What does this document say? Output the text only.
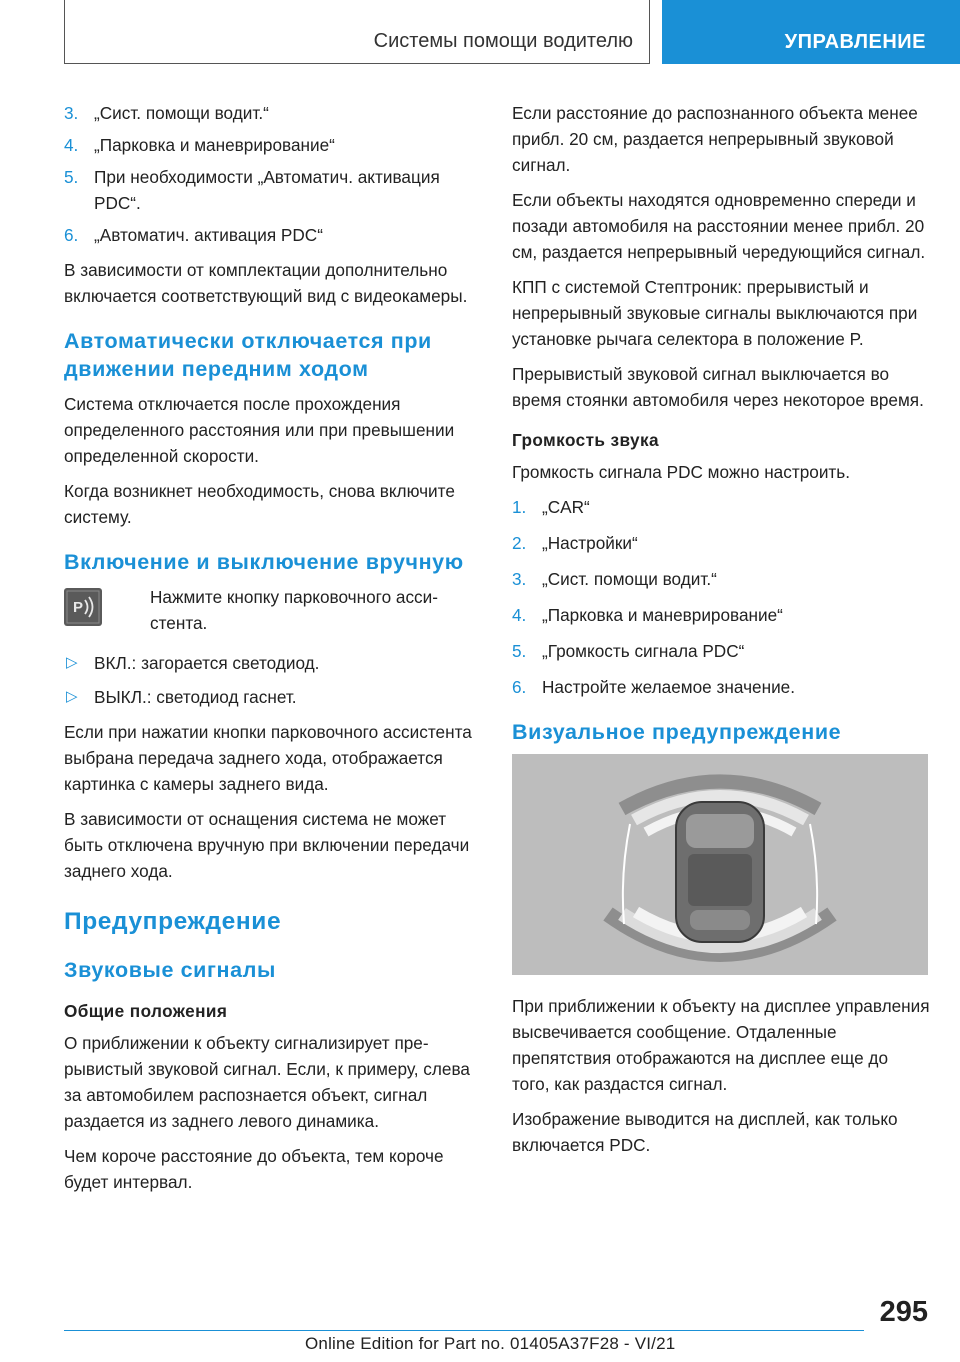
Системы помощи водителю	УПРАВЛЕНИЕ
3. „Сист. помощи водит.“
4. „Парковка и маневрирование“
5. При необходимости „Автоматич. активация PDC“.
6. „Автоматич. активация PDC“

В зависимости от комплектации дополнительно включается соответствующий вид с видеокамеры.

Автоматически отключается при движении передним ходом

Система отключается после прохождения определенного расстояния или при превышении определенной скорости.

Когда возникнет необходимость, снова включите систему.

Включение и выключение вручную
P

Нажмите кнопку парковочного ассистента.

▷ ВКЛ.: загорается светодиод.
▷ ВЫКЛ.: светодиод гаснет.

Если при нажатии кнопки парковочного ассистента выбрана передача заднего хода, отображается картинка с камеры заднего вида.

В зависимости от оснащения система не может быть отключена вручную при включении передачи заднего хода.

Предупреждение
Звуковые сигналы
Общие положения

О приближении к объекту сигнализирует прерывистый звуковой сигнал. Если, к примеру, слева за автомобилем распознается объект, сигнал раздается из заднего левого динамика.

Чем короче расстояние до объекта, тем короче будет интервал.

Если расстояние до распознанного объекта менее прибл. 20 см, раздается непрерывный звуковой сигнал.

Если объекты находятся одновременно спереди и позади автомобиля на расстоянии менее прибл. 20 см, раздается непрерывный чередующийся сигнал.

КПП с системой Стептроник: прерывистый и непрерывный звуковые сигналы выключаются при установке рычага селектора в положение P.

Прерывистый звуковой сигнал выключается во время стоянки автомобиля через некоторое время.

Громкость звука

Громкость сигнала PDC можно настроить.

1. „CAR“
2. „Настройки“
3. „Сист. помощи водит.“
4. „Парковка и маневрирование“
5. „Громкость сигнала PDC“
6. Настройте желаемое значение.
Визуальное предупреждение

При приближении к объекту на дисплее управления высвечивается сообщение. Отдаленные препятствия отображаются на дисплее еще до того, как раздастся сигнал.

Изображение выводится на дисплей, как только включается PDC.

295
Online Edition for Part no. 01405A37F28 - VI/21
